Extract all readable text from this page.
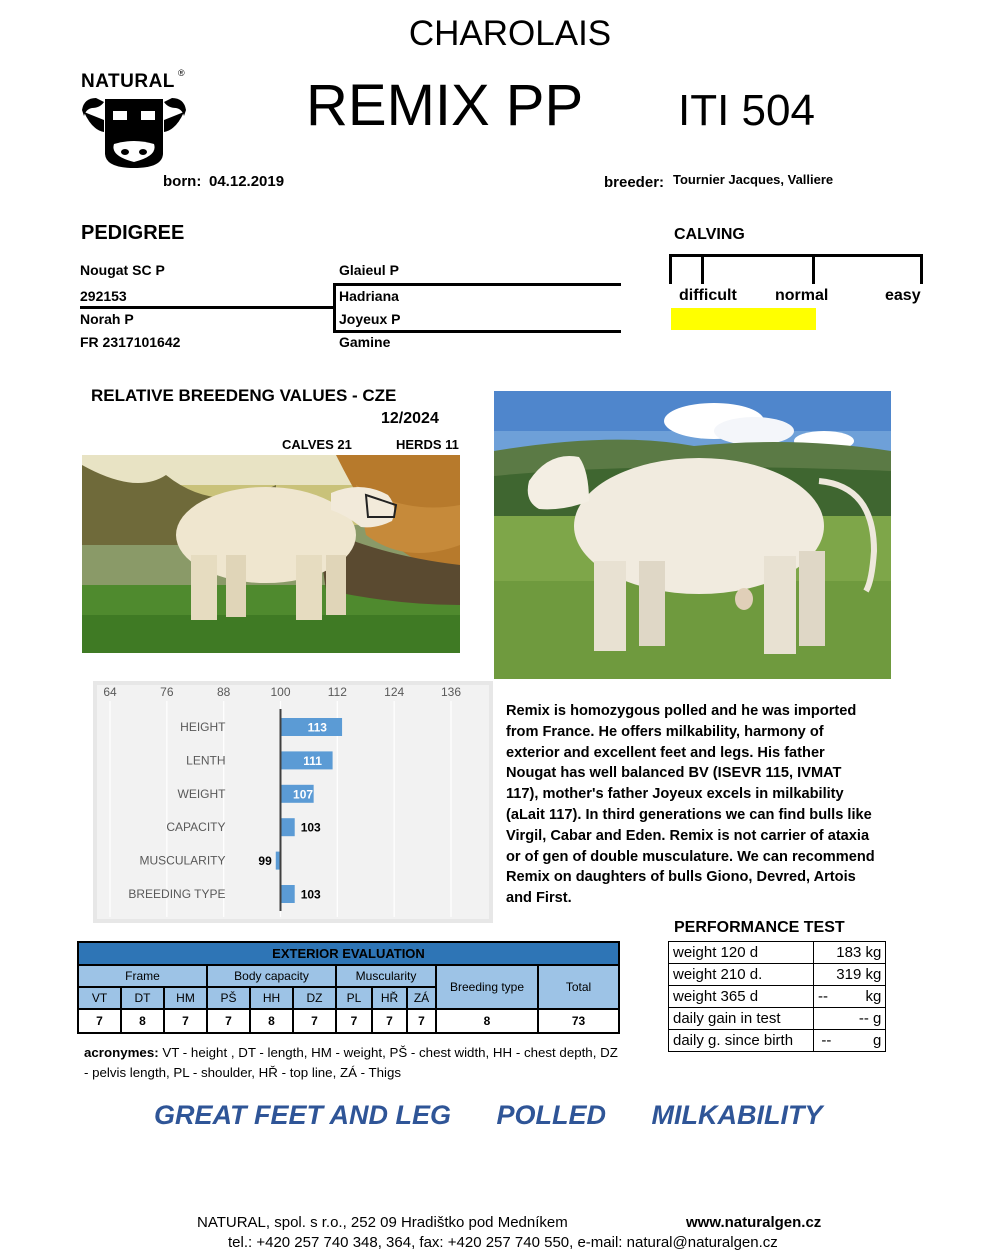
CHAROLAIS
REMIX PP ITI 504
NATURAL ®
born: 04.12.2019	breeder: Tournier Jacques, Valliere
PEDIGREE
Nougat SC P
292153
Norah P
FR 2317101642
Glaieul P
Hadriana
Joyeux P
Gamine
CALVING
difficult normal	easy
RELATIVE BREEDENG VALUES - CZE
12/2024
CALVES 21	HERDS 11
64	76	88	100	112	124	136
HEIGHT	113
LENTH	111
WEIGHT	107
CAPACITY	103
MUSCULARITY	99
BREEDING TYPE	103
Remix is homozygous polled and he was imported from France. He offers milkability, harmony of exterior and excellent feet and legs. His father Nougat has well balanced BV (ISEVR 115, IVMAT 117), mother's father Joyeux excels in milkability (aLait 117). In third generations we can find bulls like Virgil, Cabar and Eden. Remix is not carrier of ataxia or of gen of double musculature. We can recommend Remix on daughters of bulls Giono, Devred, Artois and First.
EXTERIOR EVALUATION										
Frame			Body capacity			Muscularity			Breeding type	Total
VT	DT	HM	PŠ	HH	DZ	PL	HŘ	ZÁ		
7	8	7	7	8	7	7	7	7	8	73
acronymes: VT - height , DT - length, HM - weight, PŠ - chest width, HH - chest depth, DZ - pelvis length, PL - shoulder, HŘ - top line, ZÁ - Thigs
PERFORMANCE TEST
weight 120 d	183 kg
weight 210 d.	319 kg
weight 365 d	--         kg
daily gain in test	-- g
daily g. since birth	--          g
GREAT FEET AND LEG POLLED MILKABILITY
NATURAL, spol. s r.o., 252 09 Hradištko pod Medníkem	www.naturalgen.cz
tel.: +420 257 740 348, 364, fax: +420 257 740 550, e-mail: natural@naturalgen.cz
